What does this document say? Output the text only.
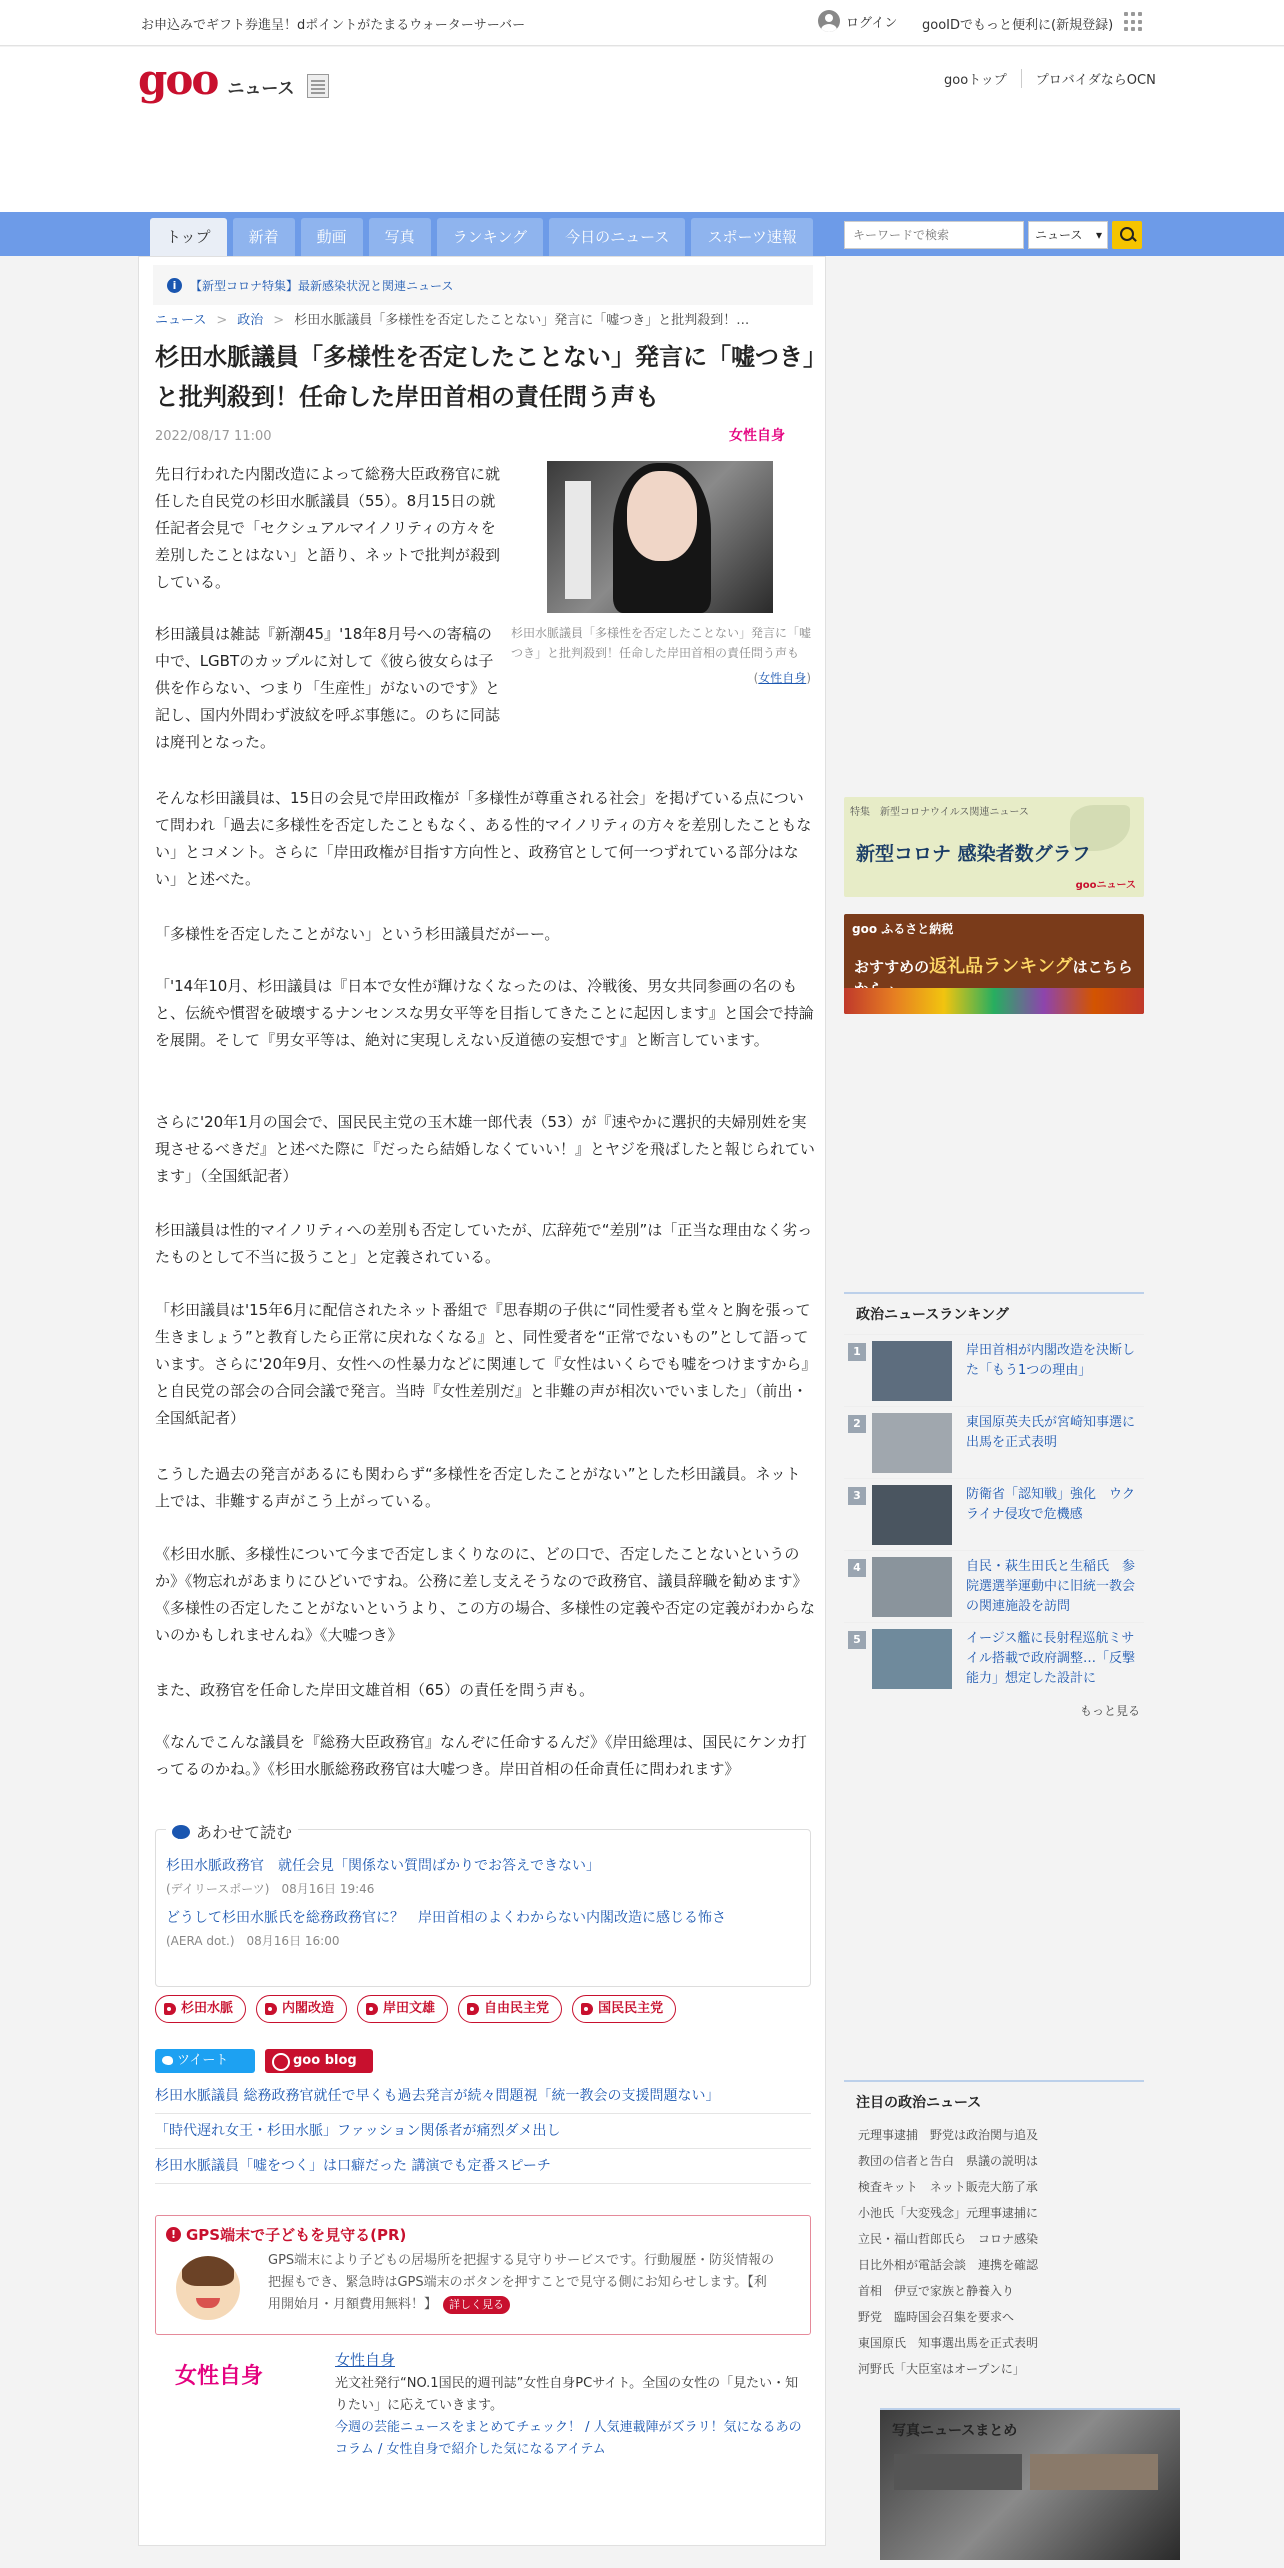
お申込みでギフト券進呈！dポイントがたまるウォーターサーバー	ログイン gooIDでもっと便利に(新規登録)
goo ニュース	gooトップ	プロバイダならOCN
トップ	新着	動画	写真	ランキング	今日のニュース	スポーツ速報
キーワードで検索	ニュース ▾
i	【新型コロナ特集】最新感染状況と関連ニュース
ニュース > 政治 > 杉田水脈議員「多様性を否定したことない」発言に「嘘つき」と批判殺到！…
杉田水脈議員「多様性を否定したことない」発言に「嘘つき」と批判殺到！任命した岸田首相の責任問う声も
2022/08/17 11:00	女性自身
杉田水脈議員「多様性を否定したことない」発言に「嘘つき」と批判殺到！任命した岸田首相の責任問う声も
(女性自身)

先日行われた内閣改造によって総務大臣政務官に就任した自民党の杉田水脈議員（55）。8月15日の就任記者会見で「セクシュアルマイノリティの方々を差別したことはない」と語り、ネットで批判が殺到している。

杉田議員は雑誌『新潮45』'18年8月号への寄稿の中で、LGBTのカップルに対して《彼ら彼女らは子供を作らない、つまり「生産性」がないのです》と記し、国内外問わず波紋を呼ぶ事態に。のちに同誌は廃刊となった。

そんな杉田議員は、15日の会見で岸田政権が「多様性が尊重される社会」を掲げている点について問われ「過去に多様性を否定したこともなく、ある性的マイノリティの方々を差別したこともない」とコメント。さらに「岸田政権が目指す方向性と、政務官として何一つずれている部分はない」と述べた。

「多様性を否定したことがない」という杉田議員だがーー。

「'14年10月、杉田議員は『日本で女性が輝けなくなったのは、冷戦後、男女共同参画の名のもと、伝統や慣習を破壊するナンセンスな男女平等を目指してきたことに起因します』と国会で持論を展開。そして『男女平等は、絶対に実現しえない反道徳の妄想です』と断言しています。

さらに'20年1月の国会で、国民民主党の玉木雄一郎代表（53）が『速やかに選択的夫婦別姓を実現させるべきだ』と述べた際に『だったら結婚しなくていい！』とヤジを飛ばしたと報じられています」（全国紙記者）

杉田議員は性的マイノリティへの差別も否定していたが、広辞苑で“差別”は「正当な理由なく劣ったものとして不当に扱うこと」と定義されている。

「杉田議員は'15年6月に配信されたネット番組で『思春期の子供に“同性愛者も堂々と胸を張って生きましょう”と教育したら正常に戻れなくなる』と、同性愛者を“正常でないもの”として語っています。さらに'20年9月、女性への性暴力などに関連して『女性はいくらでも嘘をつけますから』と自民党の部会の合同会議で発言。当時『女性差別だ』と非難の声が相次いでいました」（前出・全国紙記者）

こうした過去の発言があるにも関わらず“多様性を否定したことがない”とした杉田議員。ネット上では、非難する声がこう上がっている。

《杉田水脈、多様性について今まで否定しまくりなのに、どの口で、否定したことないというのか》《物忘れがあまりにひどいですね。公務に差し支えそうなので政務官、議員辞職を勧めます》《多様性の否定したことがないというより、この方の場合、多様性の定義や否定の定義がわからないのかもしれませんね》《大嘘つき》

また、政務官を任命した岸田文雄首相（65）の責任を問う声も。

《なんでこんな議員を『総務大臣政務官』なんぞに任命するんだ》《岸田総理は、国民にケンカ打ってるのかね。》《杉田水脈総務政務官は大嘘つき。岸田首相の任命責任に問われます》

あわせて読む
杉田水脈政務官　就任会見「関係ない質問ばかりでお答えできない」
(デイリースポーツ)　 08月16日 19:46
どうして杉田水脈氏を総務政務官に？　岸田首相のよくわからない内閣改造に感じる怖さ
(AERA dot.)　 08月16日 16:00
杉田水脈	内閣改造	岸田文雄	自由民主党	国民民主党
ツイート	goo blog
杉田水脈議員 総務政務官就任で早くも過去発言が続々問題視「統一教会の支援問題ない」
「時代遅れ女王・杉田水脈」ファッション関係者が痛烈ダメ出し
杉田水脈議員「嘘をつく」は口癖だった 講演でも定番スピーチ
! GPS端末で子どもを見守る(PR)
GPS端末により子どもの居場所を把握する見守りサービスです。行動履歴・防災情報の把握もでき、緊急時はGPS端末のボタンを押すことで見守る側にお知らせします。【利用開始月・月額費用無料！】 詳しく見る
女性自身
女性自身
光文社発行“NO.1国民的週刊誌”女性自身PCサイト。全国の女性の「見たい・知りたい」に応えていきます。
今週の芸能ニュースをまとめてチェック！ / 人気連載陣がズラリ！気になるあのコラム / 女性自身で紹介した気になるアイテム
特集　新型コロナウイルス関連ニュース
新型コロナ 感染者数グラフ
gooニュース
goo ふるさと納税
おすすめの返礼品ランキングはこちら
政治ニュースランキング
1	岸田首相が内閣改造を決断した「もう1つの理由」
2	東国原英夫氏が宮崎知事選に出馬を正式表明
3	防衛省「認知戦」強化　ウクライナ侵攻で危機感
4	自民・萩生田氏と生稲氏　参院選選挙運動中に旧統一教会の関連施設を訪問
5	イージス艦に長射程巡航ミサイル搭載で政府調整…「反撃能力」想定した設計に
もっと見る
注目の政治ニュース
元理事逮捕　野党は政治関与追及
教団の信者と告白　県議の説明は
検査キット　ネット販売大筋了承
小池氏「大変残念」元理事逮捕に
立民・福山哲郎氏ら　コロナ感染
日比外相が電話会談　連携を確認
首相　伊豆で家族と静養入り
野党　臨時国会召集を要求へ
東国原氏　知事選出馬を正式表明
河野氏「大臣室はオープンに」
写真ニュースまとめ
